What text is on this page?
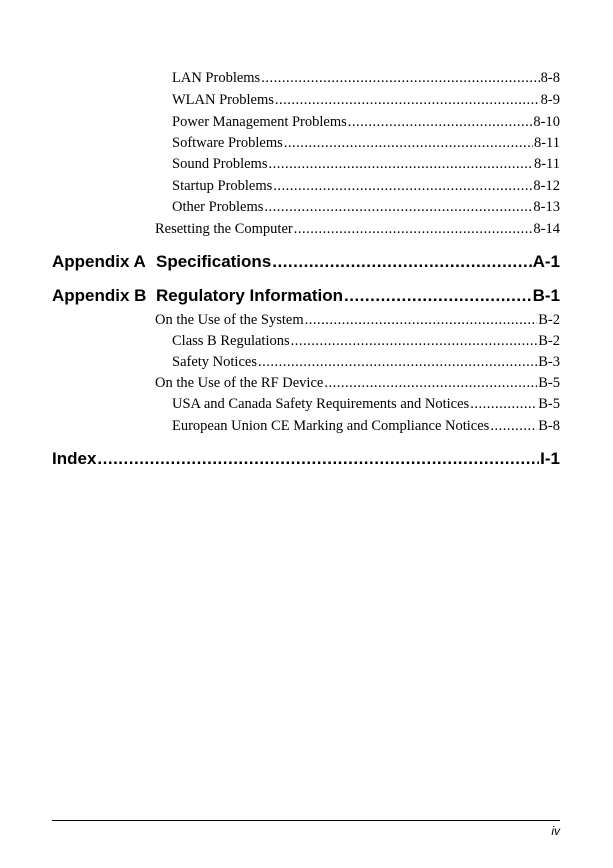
LAN Problems .....	8-8
WLAN Problems .....	8-9
Power Management Problems .....	8-10
Software Problems .....	8-11
Sound Problems .....	8-11
Startup Problems .....	8-12
Other Problems .....	8-13
Resetting the Computer .....	8-14
Appendix A Specifications .....	A-1
Appendix B Regulatory Information .....	B-1
On the Use of the System .....	B-2
Class B Regulations .....	B-2
Safety Notices .....	B-3
On the Use of the RF Device .....	B-5
USA and Canada Safety Requirements and Notices .....	B-5
European Union CE Marking and Compliance Notices .....	B-8
Index .....	I-1
iv
